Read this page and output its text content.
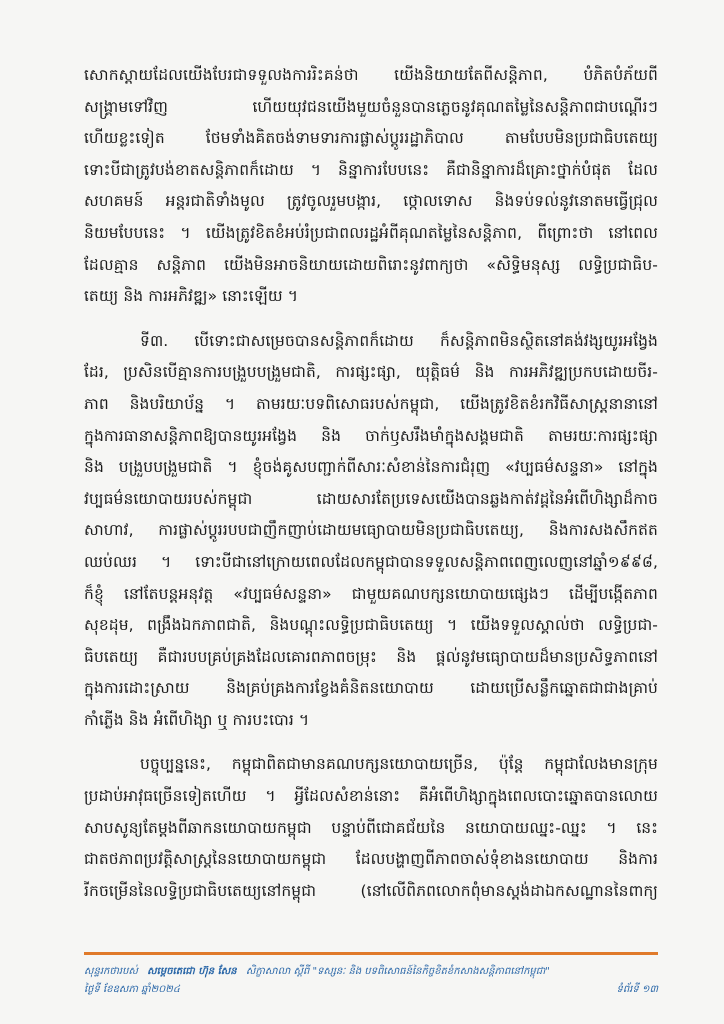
សោកស្ដាយដែលយើងបែរជាទទួលងការរិះគន់ថា យើងនិយាយតែពីសន្តិភាព, បំភិតបំភ័យពី
សង្គ្រាមទៅវិញ ហើយយុវជនយើងមួយចំនួនបានភ្លេចនូវគុណតម្លៃនៃសន្តិភាពជាបណ្ដើរៗ
ហើយខ្លះទៀត ថែមទាំងគិតចង់ទាមទារការផ្លាស់ប្ដូររដ្ឋាភិបាល តាមបែបមិនប្រជាធិបតេយ្យ
ទោះបីជាត្រូវបង់ខាតសន្តិភាពក៏ដោយ ។ និន្នាការបែបនេះ គឺជានិន្នាការដ៏គ្រោះថ្នាក់បំផុត ដែល
សហគមន៍ អន្តរជាតិទាំងមូល ត្រូវចូលរួមបង្ការ, ថ្កោលទោស និងទប់ទល់នូវនោតមធ្វើជ្រុល
និយមបែបនេះ ។ យើងត្រូវខិតខំអប់រំប្រជាពលរដ្ឋអំពីគុណតម្លៃនៃសន្តិភាព, ពីព្រោះថា នៅពេល
ដែលគ្មាន សន្តិភាព យើងមិនអាចនិយាយដោយពិរោះនូវពាក្យថា «សិទ្ធិមនុស្ស លទ្ធិប្រជាធិប-
តេយ្យ និង ការអភិវឌ្ឍ» នោះឡើយ ។
ទី៣. បើទោះជាសម្រេចបានសន្តិភាពក៏ដោយ ក៏សន្តិភាពមិនស្ថិតនៅគង់វង្សយូរអង្វែង
ដែរ, ប្រសិនបើគ្មានការបង្រួបបង្រួមជាតិ, ការផ្សះផ្សា, យុត្តិធម៌ និង ការអភិវឌ្ឍប្រកបដោយចីរ-
ភាព និងបរិយាប័ន្ន ។ តាមរយៈបទពិសោធរបស់កម្ពុជា, យើងត្រូវខិតខំរកវិធីសាស្ត្រនានានៅ
ក្នុងការធានាសន្តិភាពឱ្យបានយូរអង្វែង និង ចាក់ឫសរឹងមាំក្នុងសង្គមជាតិ តាមរយៈការផ្សះផ្សា
និង បង្រួបបង្រួមជាតិ ។ ខ្ញុំចង់គូសបញ្ជាក់ពីសារៈសំខាន់នៃការជំរុញ «វប្បធម៌សន្ទនា» នៅក្នុង
វប្បធម៌នយោបាយរបស់កម្ពុជា ដោយសារតែប្រទេសយើងបានឆ្លងកាត់វដ្តនៃអំពើហិង្សាដ៏កាច
សាហាវ, ការផ្លាស់ប្ដូររបបជាញឹកញាប់ដោយមធ្យោបាយមិនប្រជាធិបតេយ្យ, និងការសងសឹកឥត
ឈប់ឈរ ។ ទោះបីជានៅក្រោយពេលដែលកម្ពុជាបានទទួលសន្តិភាពពេញលេញនៅឆ្នាំ១៩៩៨,
ក៏ខ្ញុំ នៅតែបន្តអនុវត្ត «វប្បធម៌សន្ទនា» ជាមួយគណបក្សនយោបាយផ្សេងៗ ដើម្បីបង្កើតភាព
សុខដុម, ពង្រឹងឯកភាពជាតិ, និងបណ្ដុះលទ្ធិប្រជាធិបតេយ្យ ។ យើងទទួលស្គាល់ថា លទ្ធិប្រជា-
ធិបតេយ្យ គឺជារបបគ្រប់គ្រងដែលគោរពភាពចម្រុះ និង ផ្ដល់នូវមធ្យោបាយដ៏មានប្រសិទ្ធភាពនៅ
ក្នុងការដោះស្រាយ និងគ្រប់គ្រងការខ្វែងគំនិតនយោបាយ ដោយប្រើសន្លឹកឆ្នោតជាជាងគ្រាប់
កាំភ្លើង និង អំពើហិង្សា ឬ ការបះបោរ ។
បច្ចុប្បន្ននេះ, កម្ពុជាពិតជាមានគណបក្សនយោបាយច្រើន, ប៉ុន្តែ កម្ពុជាលែងមានក្រុម
ប្រដាប់អាវុធច្រើនទៀតហើយ ។ អ្វីដែលសំខាន់នោះ គឺអំពើហិង្សាក្នុងពេលបោះឆ្នោតបានលោយ
សាបសូន្យតែម្ដងពីឆាកនយោបាយកម្ពុជា បន្ទាប់ពីជោគជ័យនៃ នយោបាយឈ្នះ-ឈ្នះ ។ នេះ
ជាតថភាពប្រវត្តិសាស្ត្រនៃនយោបាយកម្ពុជា ដែលបង្ហាញពីភាពចាស់ទុំខាងនយោបាយ និងការ
រីកចម្រើននៃលទ្ធិប្រជាធិបតេយ្យនៅកម្ពុជា (នៅលើពិភពលោកពុំមានស្តង់ដាឯកសណ្ឋាននៃពាក្យ
សុន្ទរកថារបស់ សម្ដេចតេជោ ហ៊ុន សែន សិក្ខាសាលា ស្ដីពី "ទស្សនៈ និង បទពិសោធន៍នៃកិច្ចខិតខំកសាងសន្តិភាពនៅកម្ពុជា"
ថ្ងៃទី ខែឧសភា ឆ្នាំ២០២៤	ទំព័រទី ១៣
